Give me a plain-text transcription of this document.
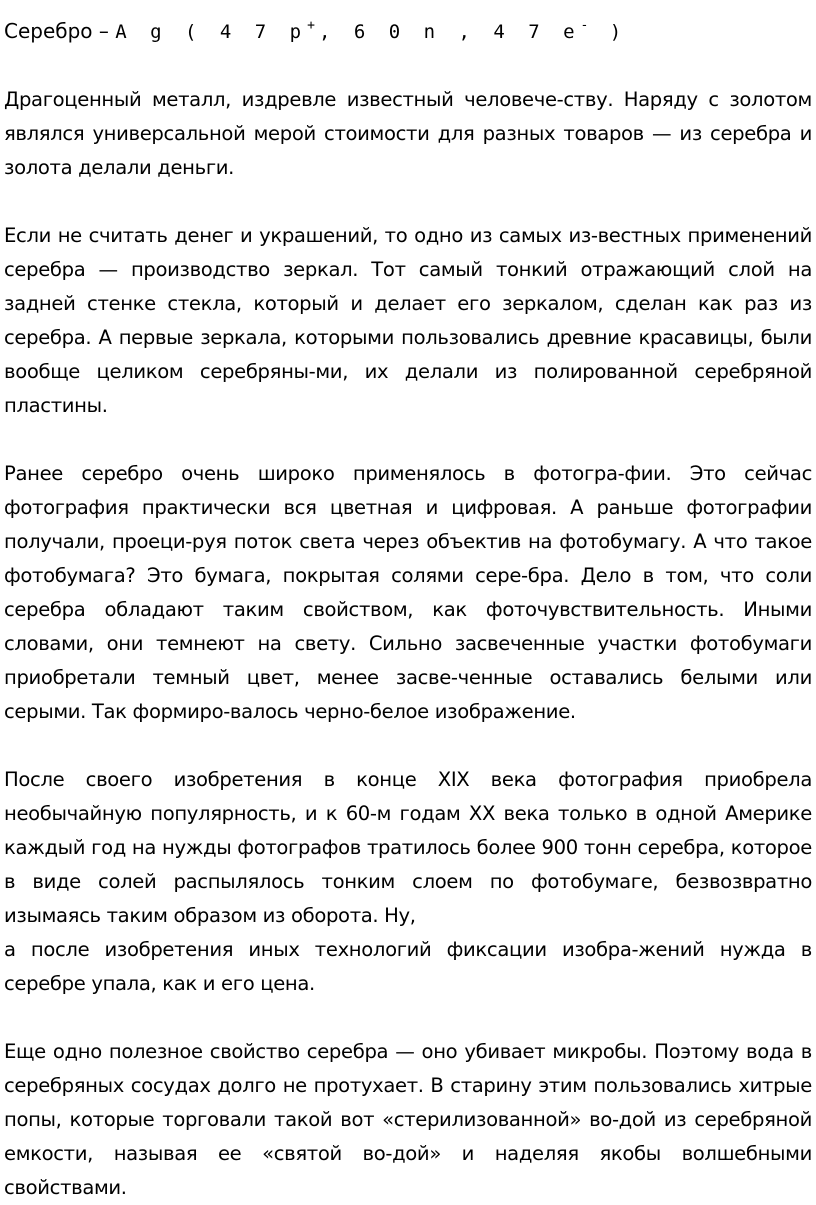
Серебро – A g ( 4 7 p+, 6 0 n , 4 7 e- )

Драгоценный металл, издревле известный человече-ству. Наряду с золотом являлся универсальной мерой стоимости для разных товаров — из серебра и золота делали деньги.

Если не считать денег и украшений, то одно из самых из-вестных применений серебра — производство зеркал. Тот самый тонкий отражающий слой на задней стенке стекла, который и делает его зеркалом, сделан как раз из серебра. А первые зеркала, которыми пользовались древние красавицы, были вообще целиком серебряны-ми, их делали из полированной серебряной пластины.

Ранее серебро очень широко применялось в фотогра-фии. Это сейчас фотография практически вся цветная и цифровая. А раньше фотографии получали, проеци-руя поток света через объектив на фотобумагу. А что такое фотобумага? Это бумага, покрытая солями сере-бра. Дело в том, что соли серебра обладают таким свойством, как фоточувствительность. Иными словами, они темнеют на свету. Сильно засвеченные участки фотобумаги приобретали темный цвет, менее засве-ченные оставались белыми или серыми. Так формиро-валось черно-белое изображение.

После своего изобретения в конце XIX века фотография приобрела необычайную популярность, и к 60-м годам XX века только в одной Америке каждый год на нужды фотографов тратилось более 900 тонн серебра, которое в виде солей распылялось тонким слоем по фотобумаге, безвозвратно изымаясь таким образом из оборота. Ну,

а после изобретения иных технологий фиксации изобра-жений нужда в серебре упала, как и его цена.

Еще одно полезное свойство серебра — оно убивает микробы. Поэтому вода в серебряных сосудах долго не протухает. В старину этим пользовались хитрые попы, которые торговали такой вот «стерилизованной» во-дой из серебряной емкости, называя ее «святой во-дой» и наделяя якобы волшебными свойствами.
